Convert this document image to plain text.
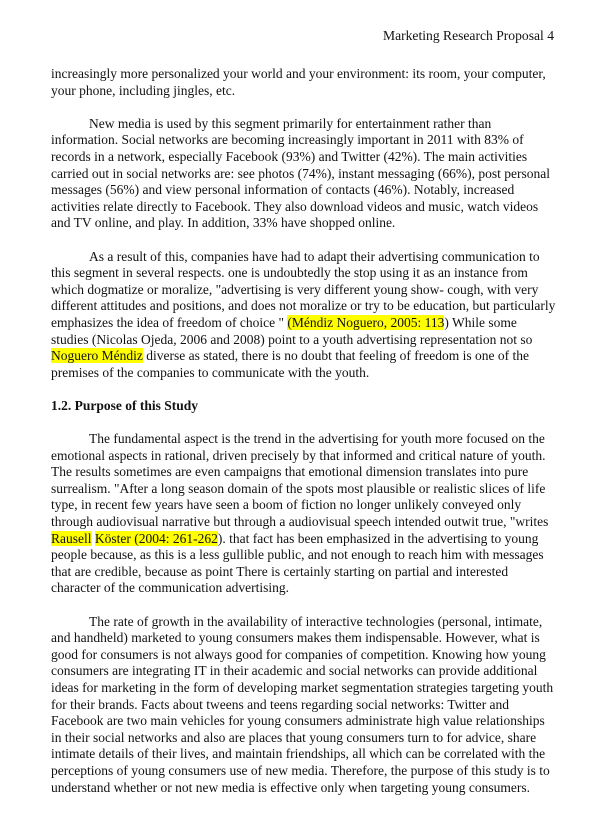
Marketing Research Proposal 4

increasingly more personalized your world and your environment: its room, your computer, your phone, including jingles, etc.

New media is used by this segment primarily for entertainment rather than information. Social networks are becoming increasingly important in 2011 with 83% of records in a network, especially Facebook (93%) and Twitter (42%). The main activities carried out in social networks are: see photos (74%), instant messaging (66%), post personal messages (56%) and view personal information of contacts (46%). Notably, increased activities relate directly to Facebook. They also download videos and music, watch videos and TV online, and play. In addition, 33% have shopped online.

As a result of this, companies have had to adapt their advertising communication to this segment in several respects. one is undoubtedly the stop using it as an instance from which dogmatize or moralize, "advertising is very different young show- cough, with very different attitudes and positions, and does not moralize or try to be education, but particularly emphasizes the idea of freedom of choice " (Méndiz Noguero, 2005: 113) While some studies (Nicolas Ojeda, 2006 and 2008) point to a youth advertising representation not so Noguero Méndiz diverse as stated, there is no doubt that feeling of freedom is one of the premises of the companies to communicate with the youth.

1.2. Purpose of this Study

The fundamental aspect is the trend in the advertising for youth more focused on the emotional aspects in rational, driven precisely by that informed and critical nature of youth. The results sometimes are even campaigns that emotional dimension translates into pure surrealism. "After a long season domain of the spots most plausible or realistic slices of life type, in recent few years have seen a boom of fiction no longer unlikely conveyed only through audiovisual narrative but through a audiovisual speech intended outwit true, "writes Rausell Köster (2004: 261-262). that fact has been emphasized in the advertising to young people because, as this is a less gullible public, and not enough to reach him with messages that are credible, because as point There is certainly starting on partial and interested character of the communication advertising.

The rate of growth in the availability of interactive technologies (personal, intimate, and handheld) marketed to young consumers makes them indispensable. However, what is good for consumers is not always good for companies of competition. Knowing how young consumers are integrating IT in their academic and social networks can provide additional ideas for marketing in the form of developing market segmentation strategies targeting youth for their brands. Facts about tweens and teens regarding social networks: Twitter and Facebook are two main vehicles for young consumers administrate high value relationships in their social networks and also are places that young consumers turn to for advice, share intimate details of their lives, and maintain friendships, all which can be correlated with the perceptions of young consumers use of new media. Therefore, the purpose of this study is to understand whether or not new media is effective only when targeting young consumers.
